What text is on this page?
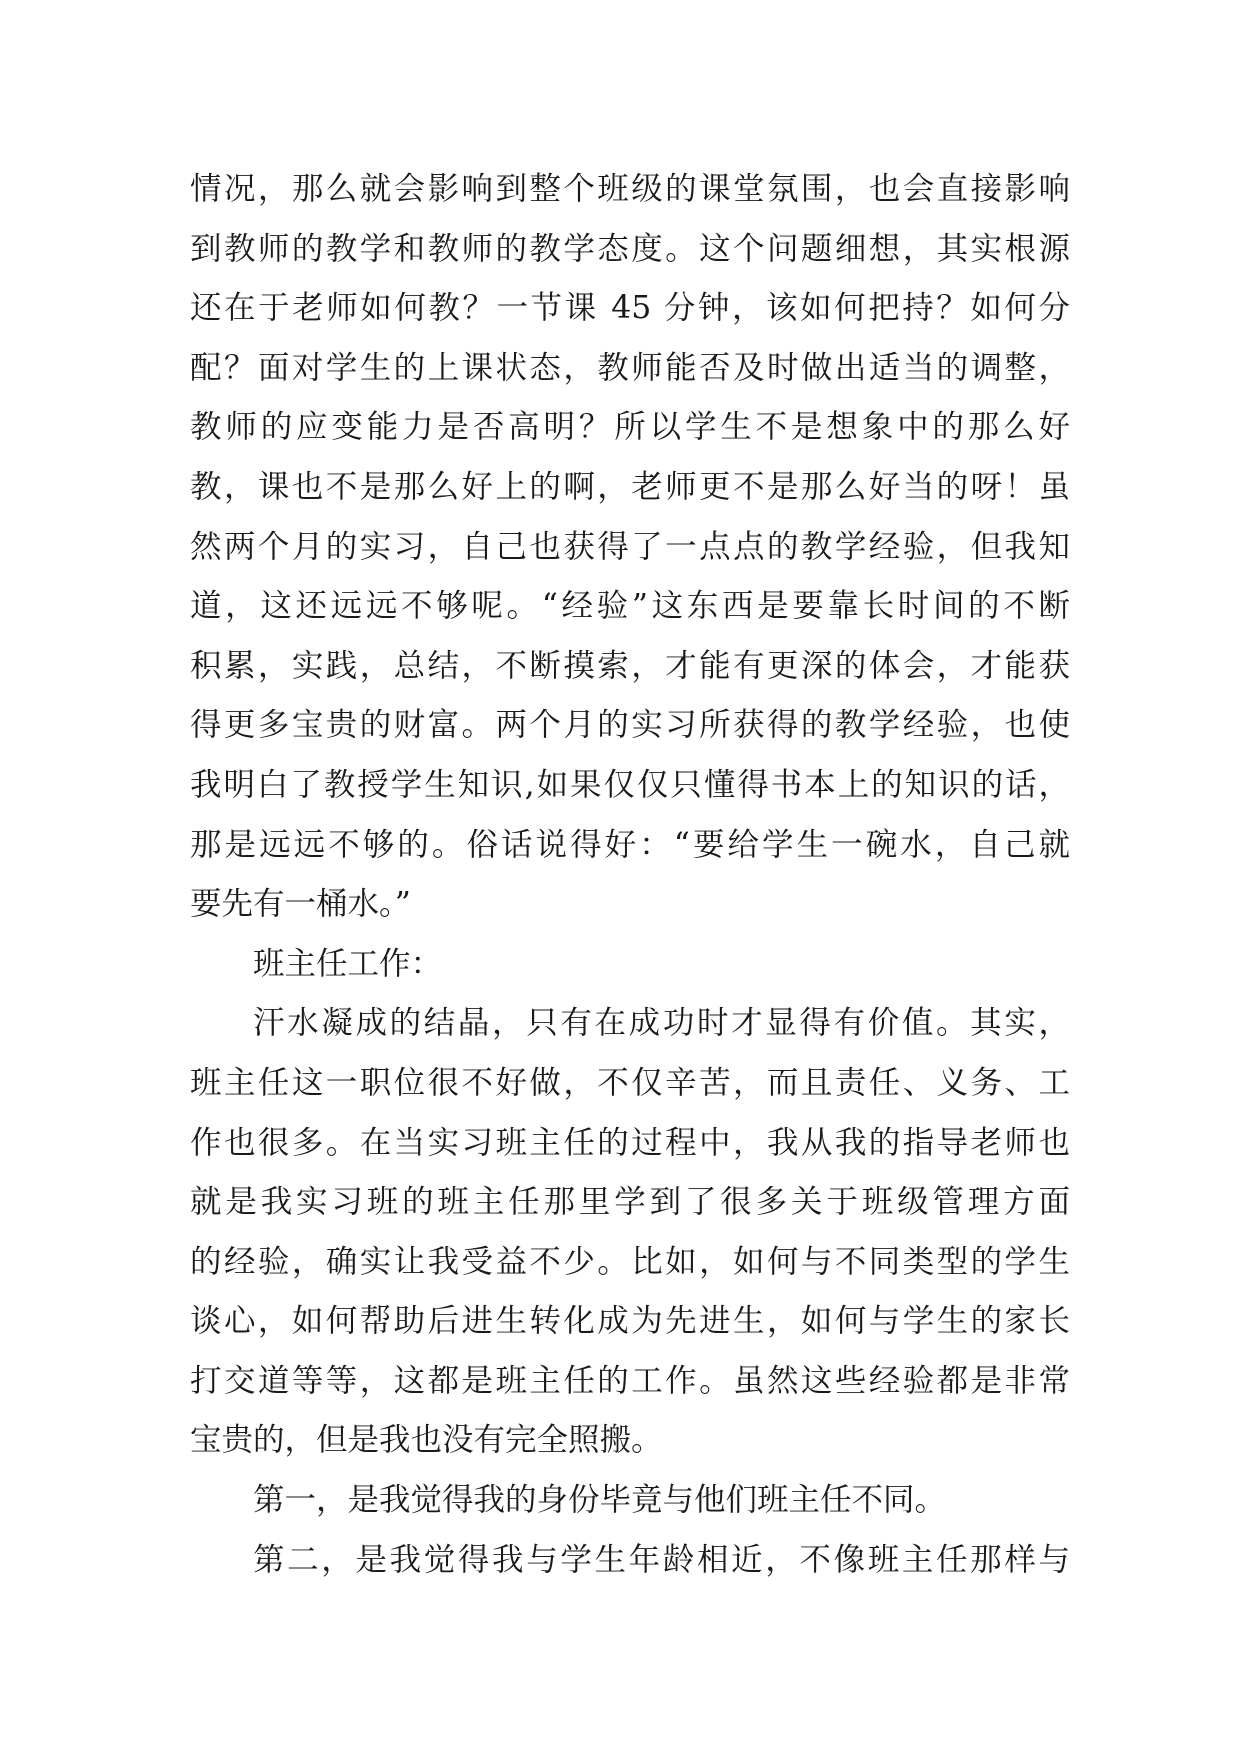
情况，那么就会影响到整个班级的课堂氛围，也会直接影响
到教师的教学和教师的教学态度。这个问题细想，其实根源
还在于老师如何教？一节课 45 分钟，该如何把持？如何分
配？面对学生的上课状态，教师能否及时做出适当的调整，
教师的应变能力是否高明？所以学生不是想象中的那么好
教，课也不是那么好上的啊，老师更不是那么好当的呀！虽
然两个月的实习，自己也获得了一点点的教学经验，但我知
道，这还远远不够呢。“经验”这东西是要靠长时间的不断
积累，实践，总结，不断摸索，才能有更深的体会，才能获
得更多宝贵的财富。两个月的实习所获得的教学经验，也使
我明白了教授学生知识,如果仅仅只懂得书本上的知识的话，
那是远远不够的。俗话说得好：“要给学生一碗水，自己就
要先有一桶水。”
班主任工作：
汗水凝成的结晶，只有在成功时才显得有价值。其实，
班主任这一职位很不好做，不仅辛苦，而且责任、义务、工
作也很多。在当实习班主任的过程中，我从我的指导老师也
就是我实习班的班主任那里学到了很多关于班级管理方面
的经验，确实让我受益不少。比如，如何与不同类型的学生
谈心，如何帮助后进生转化成为先进生，如何与学生的家长
打交道等等，这都是班主任的工作。虽然这些经验都是非常
宝贵的，但是我也没有完全照搬。
第一，是我觉得我的身份毕竟与他们班主任不同。
第二，是我觉得我与学生年龄相近，不像班主任那样与
